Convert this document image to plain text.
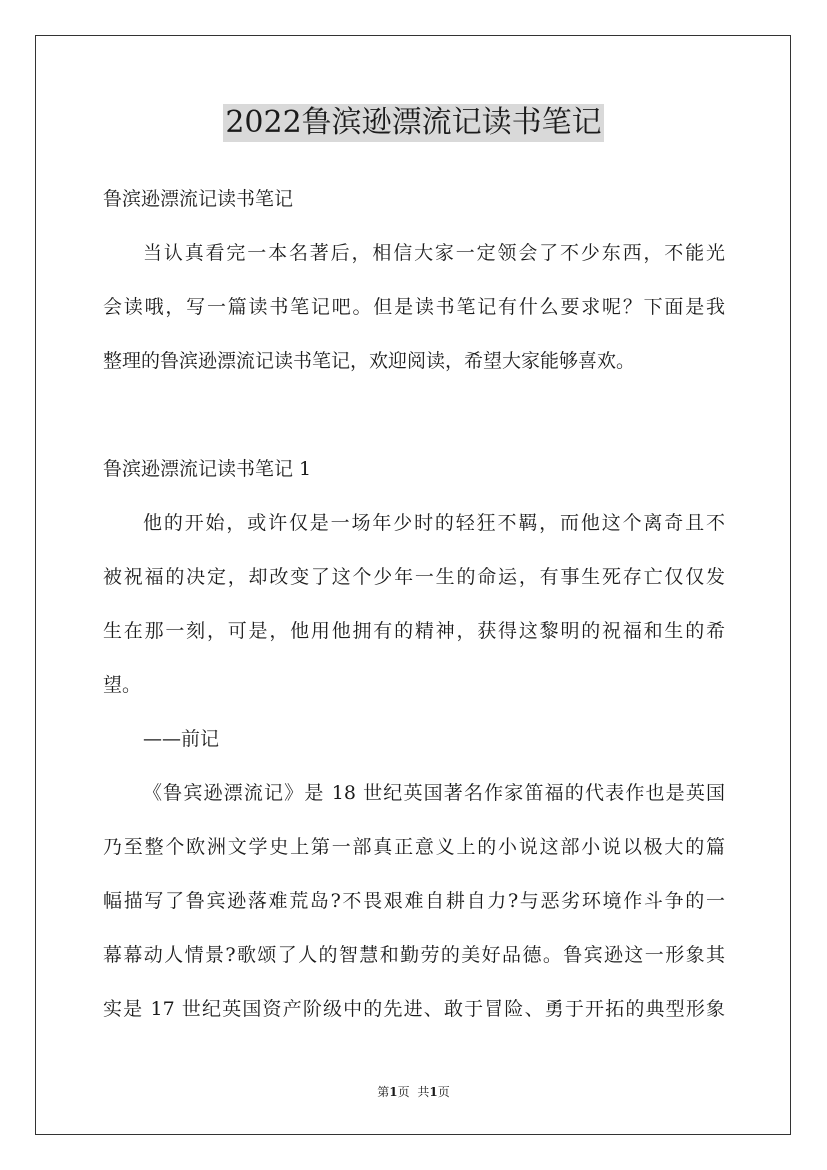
2022鲁滨逊漂流记读书笔记
鲁滨逊漂流记读书笔记
当认真看完一本名著后，相信大家一定领会了不少东西，不能光
会读哦，写一篇读书笔记吧。但是读书笔记有什么要求呢？下面是我
整理的鲁滨逊漂流记读书笔记，欢迎阅读，希望大家能够喜欢。
鲁滨逊漂流记读书笔记 1
他的开始，或许仅是一场年少时的轻狂不羁，而他这个离奇且不
被祝福的决定，却改变了这个少年一生的命运，有事生死存亡仅仅发
生在那一刻，可是，他用他拥有的精神，获得这黎明的祝福和生的希
望。
——前记
《鲁宾逊漂流记》是 18 世纪英国著名作家笛福的代表作也是英国
乃至整个欧洲文学史上第一部真正意义上的小说这部小说以极大的篇
幅描写了鲁宾逊落难荒岛?不畏艰难自耕自力?与恶劣环境作斗争的一
幕幕动人情景?歌颂了人的智慧和勤劳的美好品德。鲁宾逊这一形象其
实是 17 世纪英国资产阶级中的先进、敢于冒险、勇于开拓的典型形象
第1页 共1页
